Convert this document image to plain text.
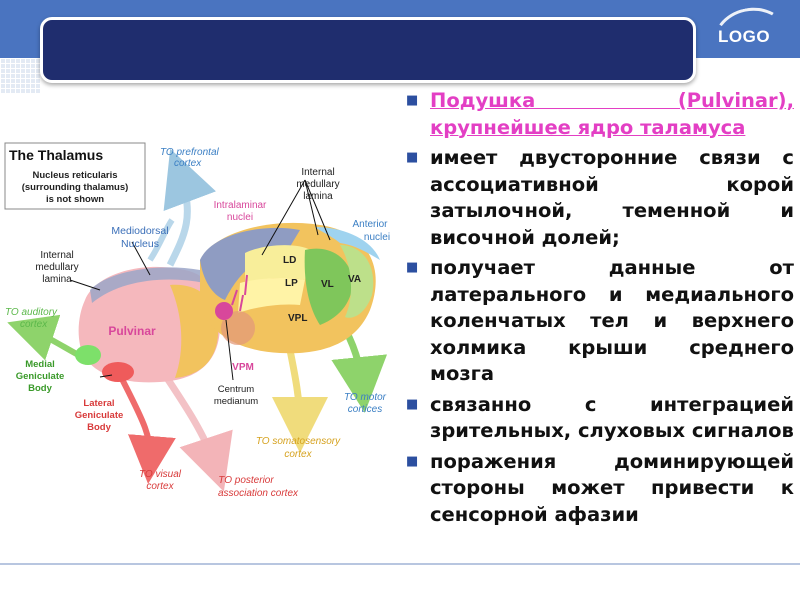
LOGO
The Thalamus
Nucleus reticularis
(surrounding thalamus)
is not shown
TO prefrontal
cortex
Internal
medullary
lamina
Intralaminar
nuclei
Anterior
nuclei
Mediodorsal
Nucleus
Internal
medullary
lamina
LD
LP VL VA
VPL
VPM
Pulvinar
TO auditory
cortex
Medial
Geniculate
Body
Lateral
Geniculate
Body
Centrum
medianum	TO motor
cortices
TO somatosensory
cortex
TO visual
cortex
TO posterior
association cortex
■ Подушка (Pulvinar), крупнейшее ядро таламуса
■ имеет двусторонние связи с ассоциативной корой затылочной, теменной и височной долей;
■ получает данные от латерального и медиального коленчатых тел и верхнего холмика крыши среднего мозга
■ связанно с интеграцией зрительных, слуховых сигналов
■ поражения доминирующей стороны может привести к сенсорной афазии
